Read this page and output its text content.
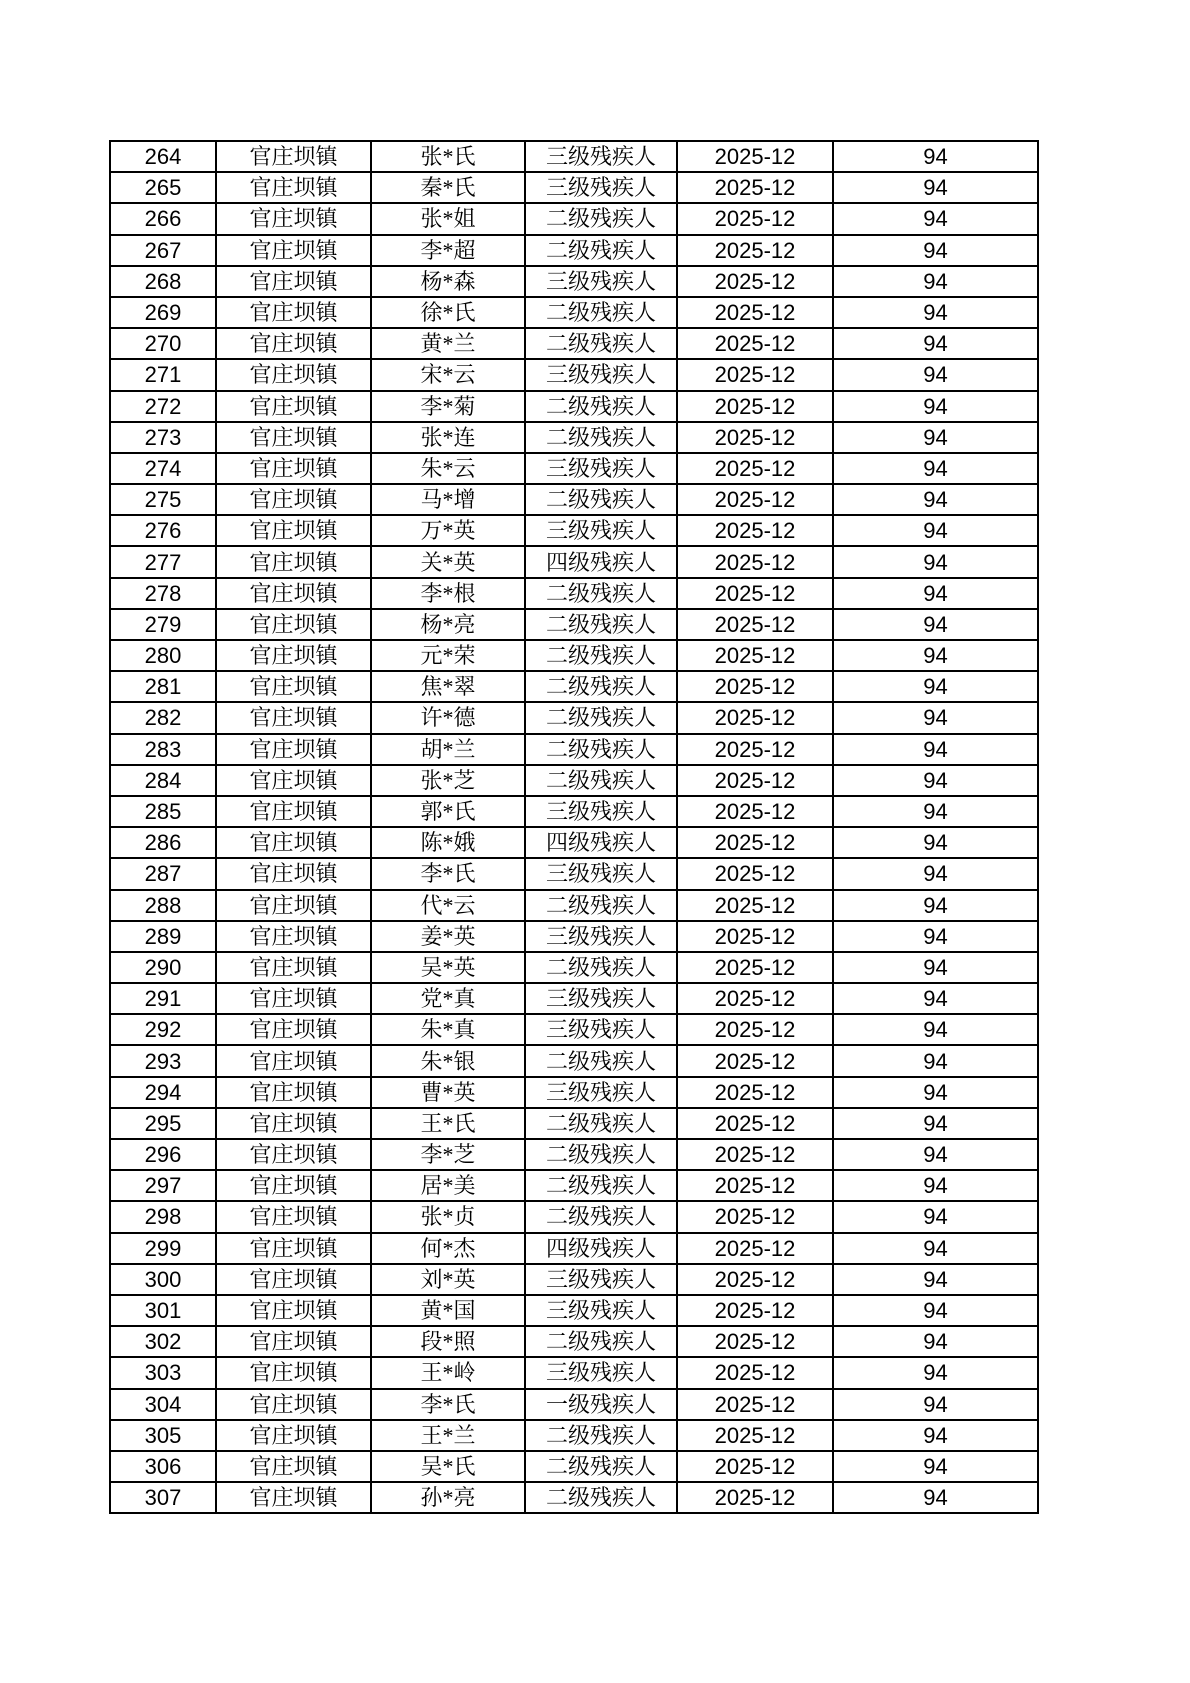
264	官庄坝镇	张*氏	三级残疾人	2025-12	94
265	官庄坝镇	秦*氏	三级残疾人	2025-12	94
266	官庄坝镇	张*姐	二级残疾人	2025-12	94
267	官庄坝镇	李*超	二级残疾人	2025-12	94
268	官庄坝镇	杨*森	三级残疾人	2025-12	94
269	官庄坝镇	徐*氏	二级残疾人	2025-12	94
270	官庄坝镇	黄*兰	二级残疾人	2025-12	94
271	官庄坝镇	宋*云	三级残疾人	2025-12	94
272	官庄坝镇	李*菊	二级残疾人	2025-12	94
273	官庄坝镇	张*连	二级残疾人	2025-12	94
274	官庄坝镇	朱*云	三级残疾人	2025-12	94
275	官庄坝镇	马*增	二级残疾人	2025-12	94
276	官庄坝镇	万*英	三级残疾人	2025-12	94
277	官庄坝镇	关*英	四级残疾人	2025-12	94
278	官庄坝镇	李*根	二级残疾人	2025-12	94
279	官庄坝镇	杨*亮	二级残疾人	2025-12	94
280	官庄坝镇	元*荣	二级残疾人	2025-12	94
281	官庄坝镇	焦*翠	二级残疾人	2025-12	94
282	官庄坝镇	许*德	二级残疾人	2025-12	94
283	官庄坝镇	胡*兰	二级残疾人	2025-12	94
284	官庄坝镇	张*芝	二级残疾人	2025-12	94
285	官庄坝镇	郭*氏	三级残疾人	2025-12	94
286	官庄坝镇	陈*娥	四级残疾人	2025-12	94
287	官庄坝镇	李*氏	三级残疾人	2025-12	94
288	官庄坝镇	代*云	二级残疾人	2025-12	94
289	官庄坝镇	姜*英	三级残疾人	2025-12	94
290	官庄坝镇	吴*英	二级残疾人	2025-12	94
291	官庄坝镇	党*真	三级残疾人	2025-12	94
292	官庄坝镇	朱*真	三级残疾人	2025-12	94
293	官庄坝镇	朱*银	二级残疾人	2025-12	94
294	官庄坝镇	曹*英	三级残疾人	2025-12	94
295	官庄坝镇	王*氏	二级残疾人	2025-12	94
296	官庄坝镇	李*芝	二级残疾人	2025-12	94
297	官庄坝镇	居*美	二级残疾人	2025-12	94
298	官庄坝镇	张*贞	二级残疾人	2025-12	94
299	官庄坝镇	何*杰	四级残疾人	2025-12	94
300	官庄坝镇	刘*英	三级残疾人	2025-12	94
301	官庄坝镇	黄*国	三级残疾人	2025-12	94
302	官庄坝镇	段*照	二级残疾人	2025-12	94
303	官庄坝镇	王*岭	三级残疾人	2025-12	94
304	官庄坝镇	李*氏	一级残疾人	2025-12	94
305	官庄坝镇	王*兰	二级残疾人	2025-12	94
306	官庄坝镇	吴*氏	二级残疾人	2025-12	94
307	官庄坝镇	孙*亮	二级残疾人	2025-12	94
